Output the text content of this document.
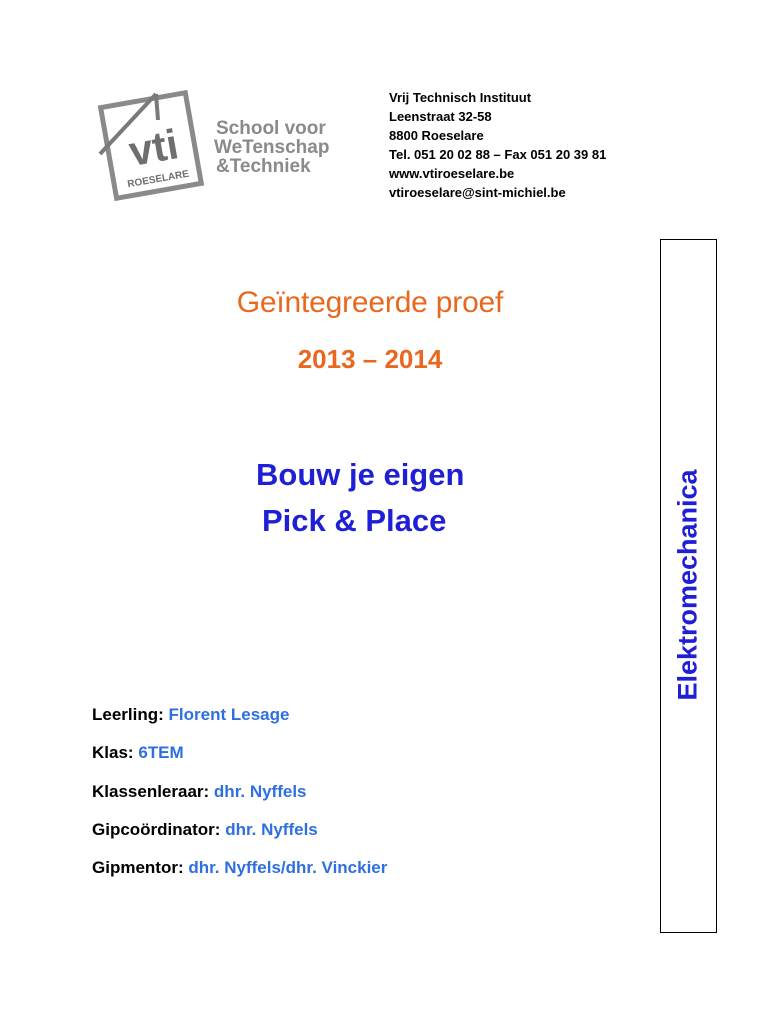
vti
ROESELARE
School voor
WeTenschap
&Techniek
Vrij Technisch Instituut
Leenstraat 32-58
8800 Roeselare
Tel. 051 20 02 88 – Fax 051 20 39 81
www.vtiroeselare.be
vtiroeselare@sint-michiel.be
Geïntegreerde proef
2013 – 2014
Bouw je eigen
Pick & Place
Leerling: Florent Lesage
Klas: 6TEM
Klassenleraar: dhr. Nyffels
Gipcoördinator: dhr. Nyffels
Gipmentor: dhr. Nyffels/dhr. Vinckier
Elektromechanica
